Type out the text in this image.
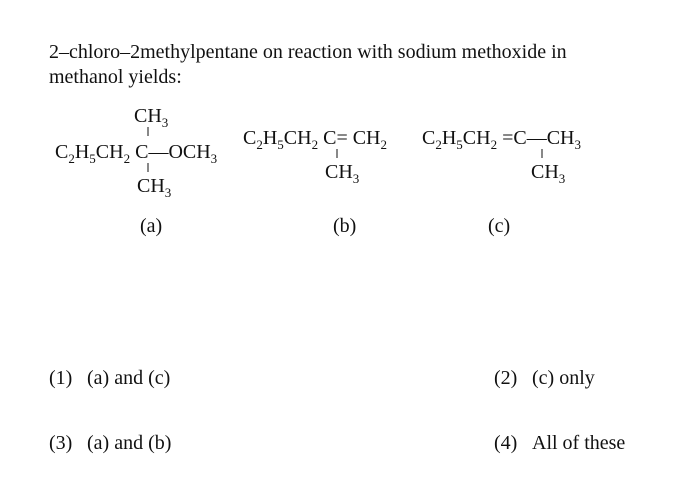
2–chloro–2methylpentane on reaction with sodium methoxide in
methanol yields:
$CH_3$
$C_2H_5CH_2$ $C—OCH_3$
$CH_3$
$C_2H_5CH_2$ $C= CH_2$
$CH_3$
$C_2H_5CH_2$ $=C—CH_3$
$CH_3$
(a)	(b)	(c)
(1) (a) and (c)	(2) (c) only
(3) (a) and (b)	(4) All of these
